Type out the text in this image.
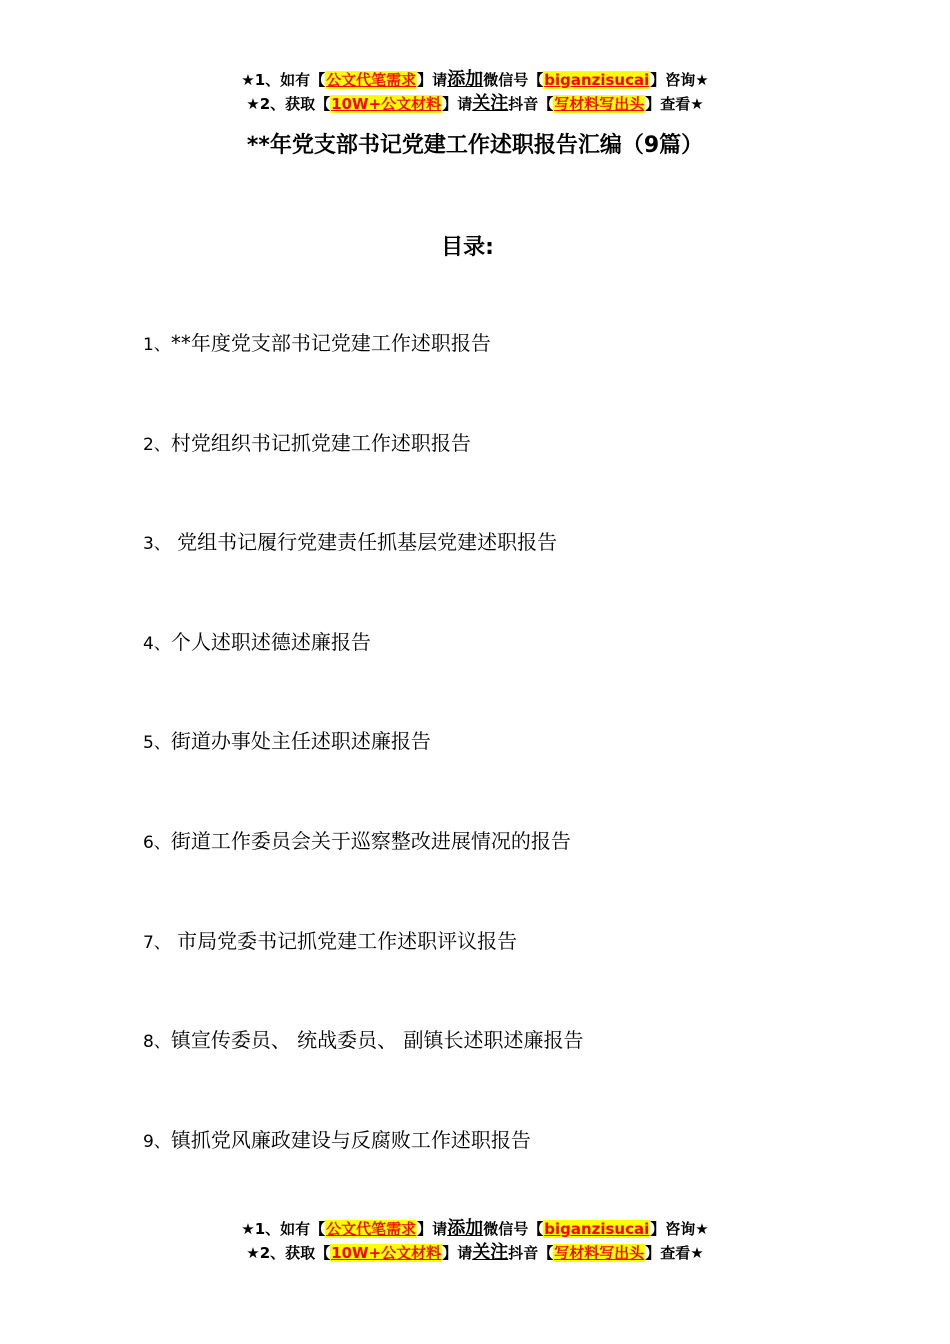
★1、如有【公文代笔需求】请添加微信号【biganzisucai】咨询★
★2、获取【10W+公文材料】请关注抖音【写材料写出头】查看★
**年党支部书记党建工作述职报告汇编（9篇）
目录:
1、**年度党支部书记党建工作述职报告
2、村党组织书记抓党建工作述职报告
3、 党组书记履行党建责任抓基层党建述职报告
4、个人述职述德述廉报告
5、街道办事处主任述职述廉报告
6、街道工作委员会关于巡察整改进展情况的报告
7、 市局党委书记抓党建工作述职评议报告
8、镇宣传委员、 统战委员、 副镇长述职述廉报告
9、镇抓党风廉政建设与反腐败工作述职报告
★1、如有【公文代笔需求】请添加微信号【biganzisucai】咨询★
★2、获取【10W+公文材料】请关注抖音【写材料写出头】查看★
